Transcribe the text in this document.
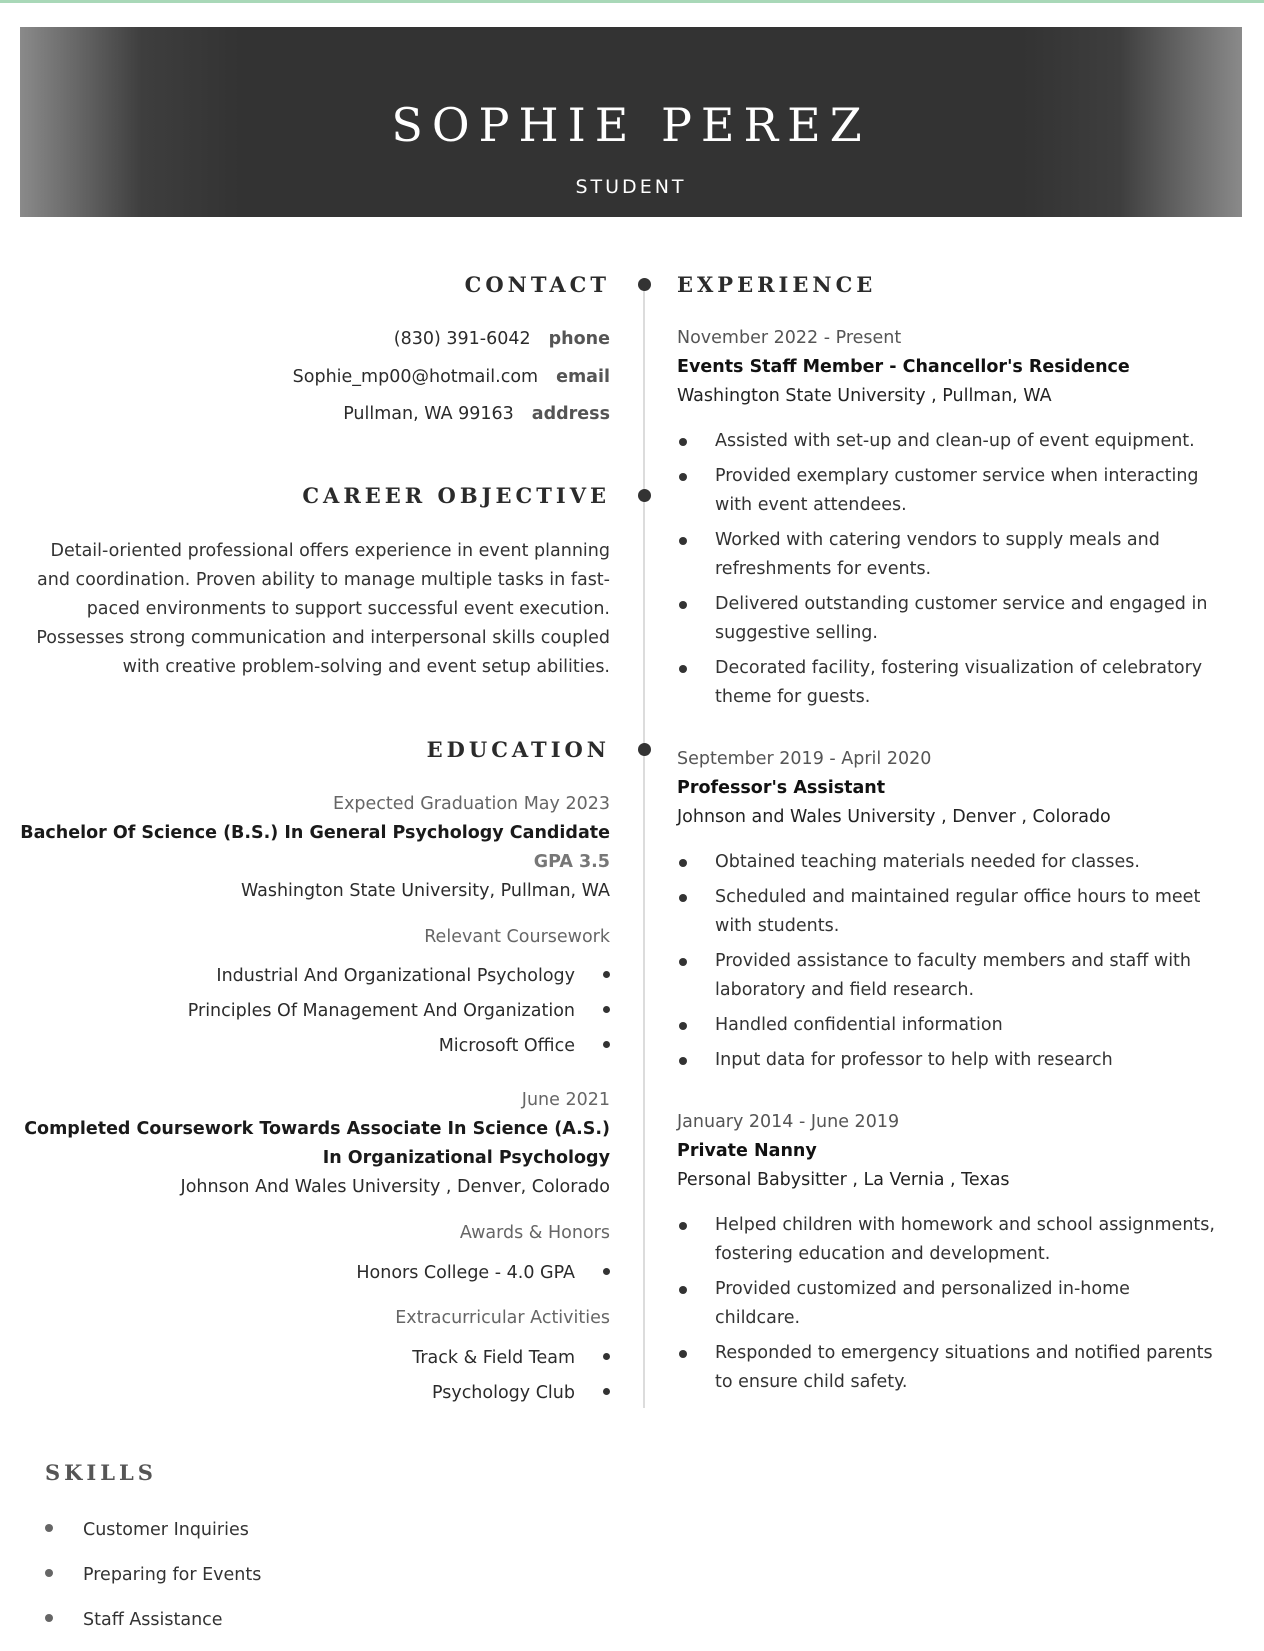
SOPHIE PEREZ
STUDENT
CONTACT
(830) 391-6042 phone
Sophie_mp00@hotmail.com email
Pullman, WA 99163 address
CAREER OBJECTIVE
Detail-oriented professional offers experience in event planning and coordination. Proven ability to manage multiple tasks in fast-paced environments to support successful event execution. Possesses strong communication and interpersonal skills coupled with creative problem-solving and event setup abilities.
EDUCATION
Expected Graduation May 2023
Bachelor Of Science (B.S.) In General Psychology Candidate
GPA 3.5
Washington State University, Pullman, WA
Relevant Coursework
Industrial And Organizational Psychology
Principles Of Management And Organization
Microsoft Office
June 2021
Completed Coursework Towards Associate In Science (A.S.)
In Organizational Psychology
Johnson And Wales University , Denver, Colorado
Awards & Honors
Honors College - 4.0 GPA
Extracurricular Activities
Track & Field Team
Psychology Club
EXPERIENCE
November 2022 - Present
Events Staff Member - Chancellor's Residence
Washington State University , Pullman, WA
Assisted with set-up and clean-up of event equipment.
Provided exemplary customer service when interacting with event attendees.
Worked with catering vendors to supply meals and refreshments for events.
Delivered outstanding customer service and engaged in suggestive selling.
Decorated facility, fostering visualization of celebratory theme for guests.
September 2019 - April 2020
Professor's Assistant
Johnson and Wales University , Denver , Colorado
Obtained teaching materials needed for classes.
Scheduled and maintained regular office hours to meet with students.
Provided assistance to faculty members and staff with laboratory and field research.
Handled confidential information
Input data for professor to help with research
January 2014 - June 2019
Private Nanny
Personal Babysitter , La Vernia , Texas
Helped children with homework and school assignments, fostering education and development.
Provided customized and personalized in-home childcare.
Responded to emergency situations and notified parents to ensure child safety.
SKILLS
Customer Inquiries
Preparing for Events
Staff Assistance
